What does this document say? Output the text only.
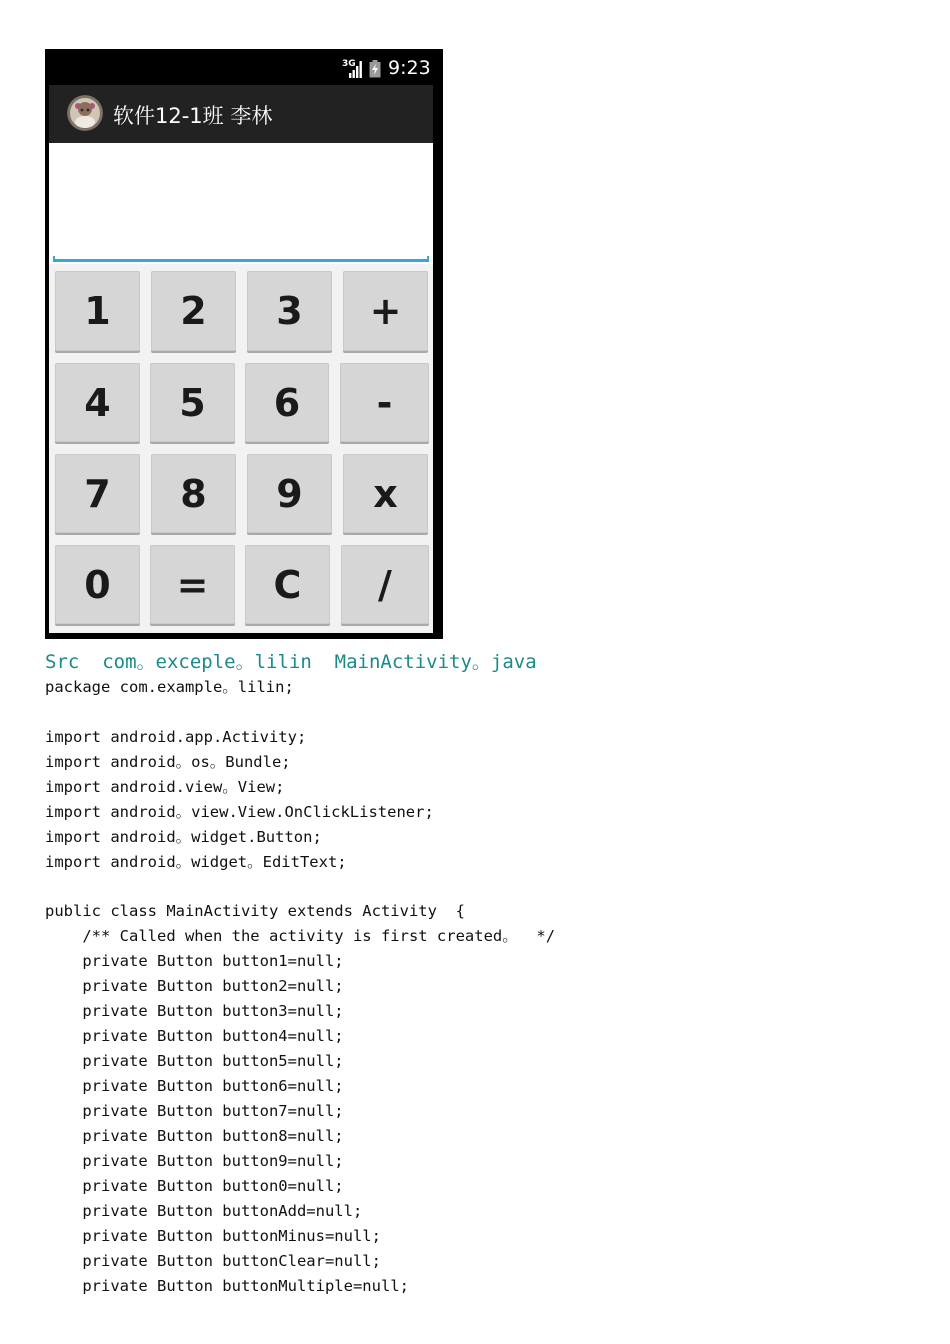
3G 9:23
软件12-1班 李林
1	2	3	+
4	5	6	-
7	8	9	x
0	=	C	/
Src  com。exceple。lilin  MainActivity。java
package com.example。lilin;
import android.app.Activity;
import android。os。Bundle;
import android.view。View;
import android。view.View.OnClickListener;
import android。widget.Button;
import android。widget。EditText;
public class MainActivity extends Activity  {
/** Called when the activity is first created。  */
private Button button1=null;
private Button button2=null;
private Button button3=null;
private Button button4=null;
private Button button5=null;
private Button button6=null;
private Button button7=null;
private Button button8=null;
private Button button9=null;
private Button button0=null;
private Button buttonAdd=null;
private Button buttonMinus=null;
private Button buttonClear=null;
private Button buttonMultiple=null;
